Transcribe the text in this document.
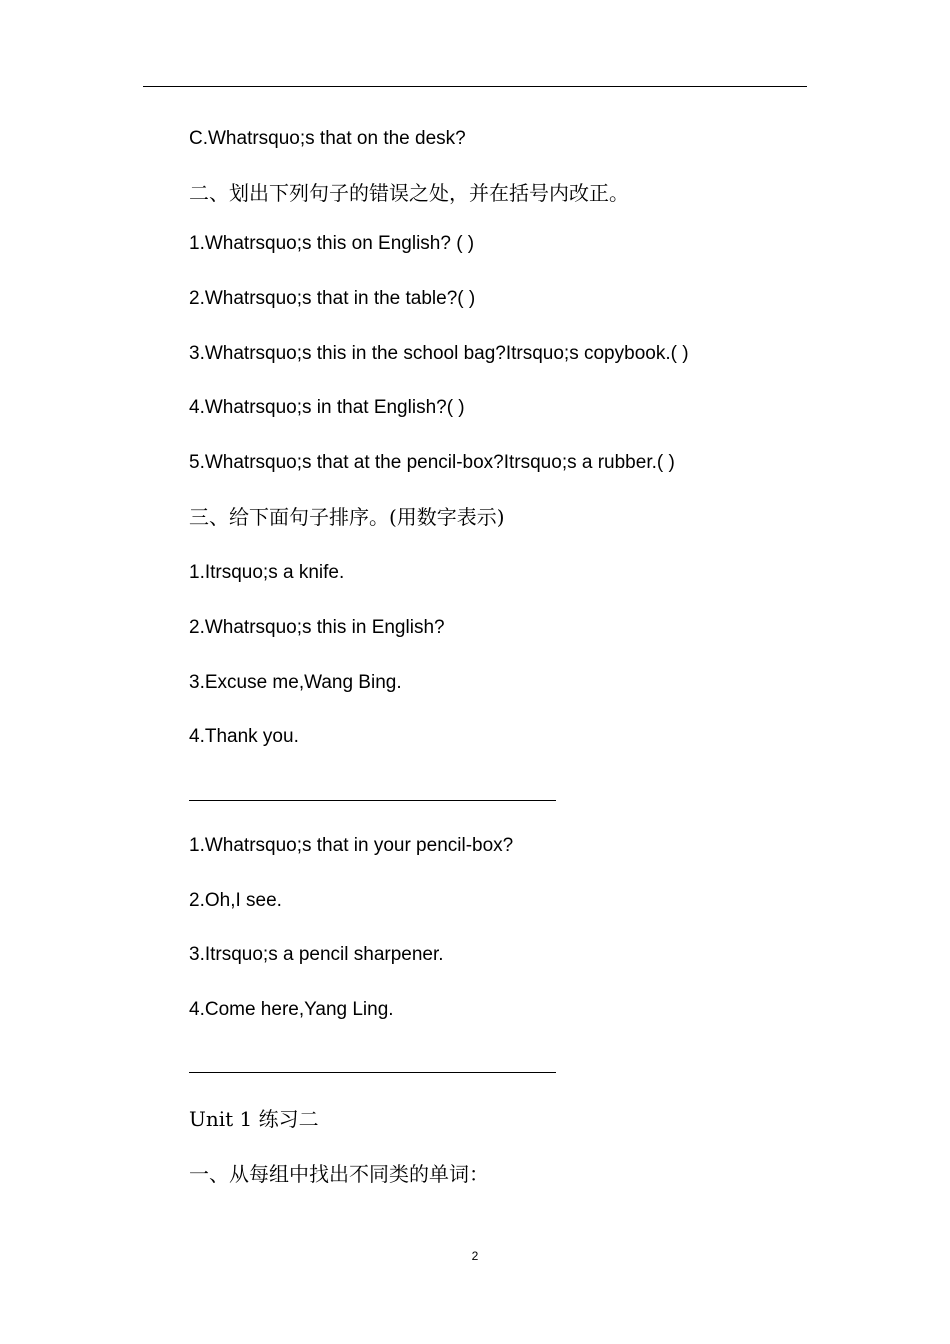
C.Whatrsquo;s that on the desk?
二、划出下列句子的错误之处，并在括号内改正。
1.Whatrsquo;s this on English? ( )
2.Whatrsquo;s that in the table?( )
3.Whatrsquo;s this in the school bag?Itrsquo;s copybook.( )
4.Whatrsquo;s in that English?( )
5.Whatrsquo;s that at the pencil-box?Itrsquo;s a rubber.( )
三、给下面句子排序。(用数字表示)
1.Itrsquo;s a knife.
2.Whatrsquo;s this in English?
3.Excuse me,Wang Bing.
4.Thank you.
1.Whatrsquo;s that in your pencil-box?
2.Oh,I see.
3.Itrsquo;s a pencil sharpener.
4.Come here,Yang Ling.
Unit 1 练习二
一、从每组中找出不同类的单词：
2
